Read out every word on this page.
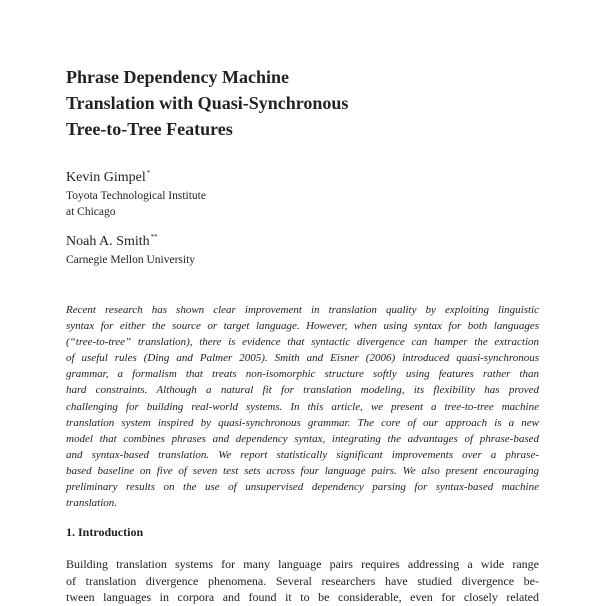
Phrase Dependency Machine
Translation with Quasi-Synchronous
Tree-to-Tree Features
Kevin Gimpel*
Toyota Technological Institute
at Chicago
Noah A. Smith**
Carnegie Mellon University
Recent research has shown clear improvement in translation quality by exploiting linguistic
syntax for either the source or target language. However, when using syntax for both languages
(“tree-to-tree” translation), there is evidence that syntactic divergence can hamper the extraction
of useful rules (Ding and Palmer 2005). Smith and Eisner (2006) introduced quasi-synchronous
grammar, a formalism that treats non-isomorphic structure softly using features rather than
hard constraints. Although a natural fit for translation modeling, its flexibility has proved
challenging for building real-world systems. In this article, we present a tree-to-tree machine
translation system inspired by quasi-synchronous grammar. The core of our approach is a new
model that combines phrases and dependency syntax, integrating the advantages of phrase-based
and syntax-based translation. We report statistically significant improvements over a phrase-
based baseline on five of seven test sets across four language pairs. We also present encouraging
preliminary results on the use of unsupervised dependency parsing for syntax-based machine
translation.
1. Introduction
Building translation systems for many language pairs requires addressing a wide range
of translation divergence phenomena. Several researchers have studied divergence be-
tween languages in corpora and found it to be considerable, even for closely related
